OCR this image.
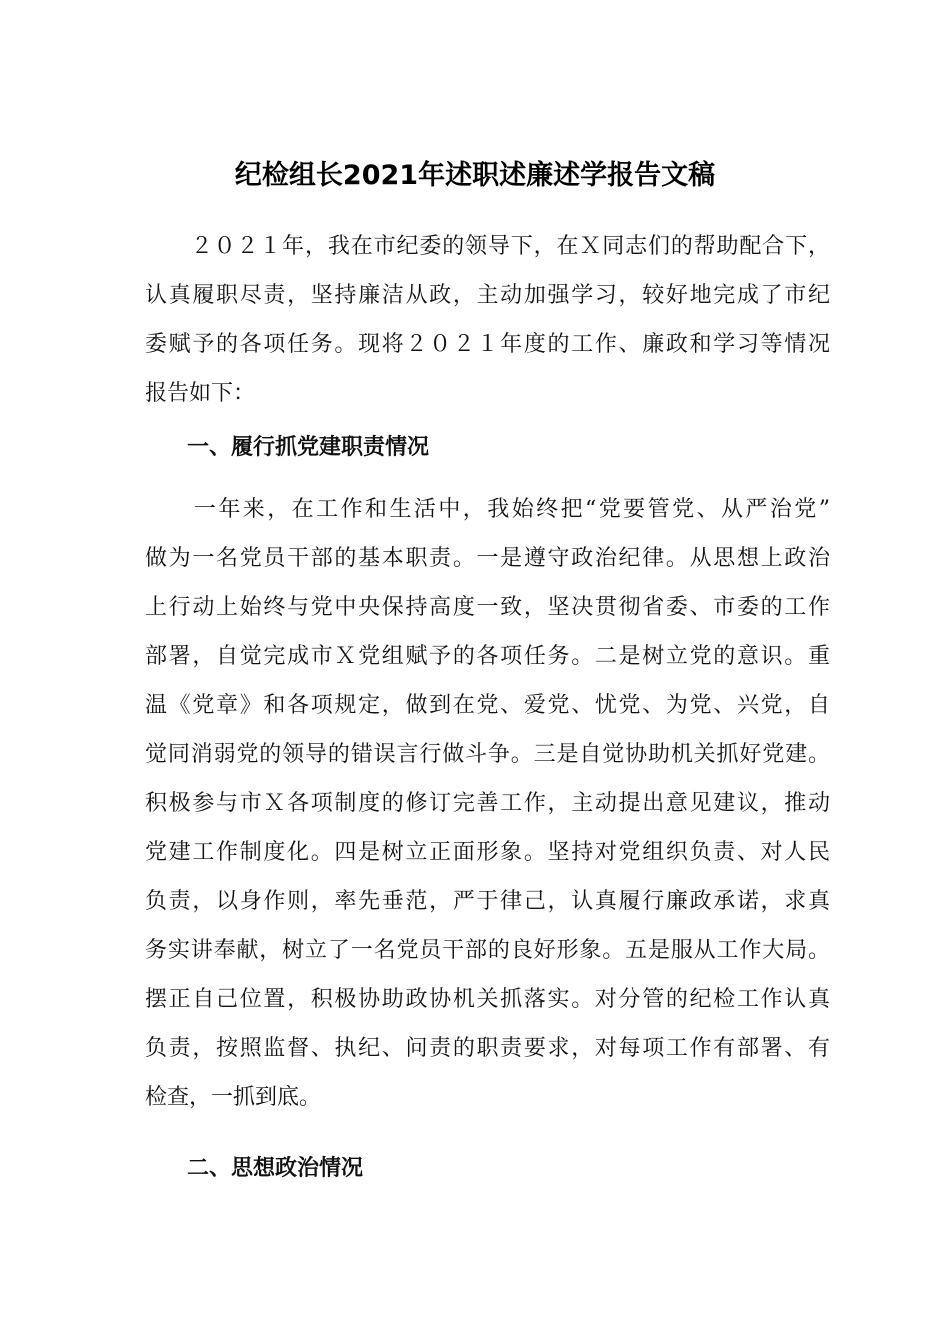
纪检组长2021年述职述廉述学报告文稿
　　２０２１年，我在市纪委的领导下，在Ｘ同志们的帮助配合下，
认真履职尽责，坚持廉洁从政，主动加强学习，较好地完成了市纪
委赋予的各项任务。现将２０２１年度的工作、廉政和学习等情况
报告如下：
一、履行抓党建职责情况
　　一年来，在工作和生活中，我始终把“党要管党、从严治党”
做为一名党员干部的基本职责。一是遵守政治纪律。从思想上政治
上行动上始终与党中央保持高度一致，坚决贯彻省委、市委的工作
部署，自觉完成市Ｘ党组赋予的各项任务。二是树立党的意识。重
温《党章》和各项规定，做到在党、爱党、忧党、为党、兴党，自
觉同消弱党的领导的错误言行做斗争。三是自觉协助机关抓好党建。
积极参与市Ｘ各项制度的修订完善工作，主动提出意见建议，推动
党建工作制度化。四是树立正面形象。坚持对党组织负责、对人民
负责，以身作则，率先垂范，严于律己，认真履行廉政承诺，求真
务实讲奉献，树立了一名党员干部的良好形象。五是服从工作大局。
摆正自己位置，积极协助政协机关抓落实。对分管的纪检工作认真
负责，按照监督、执纪、问责的职责要求，对每项工作有部署、有
检查，一抓到底。
二、思想政治情况
